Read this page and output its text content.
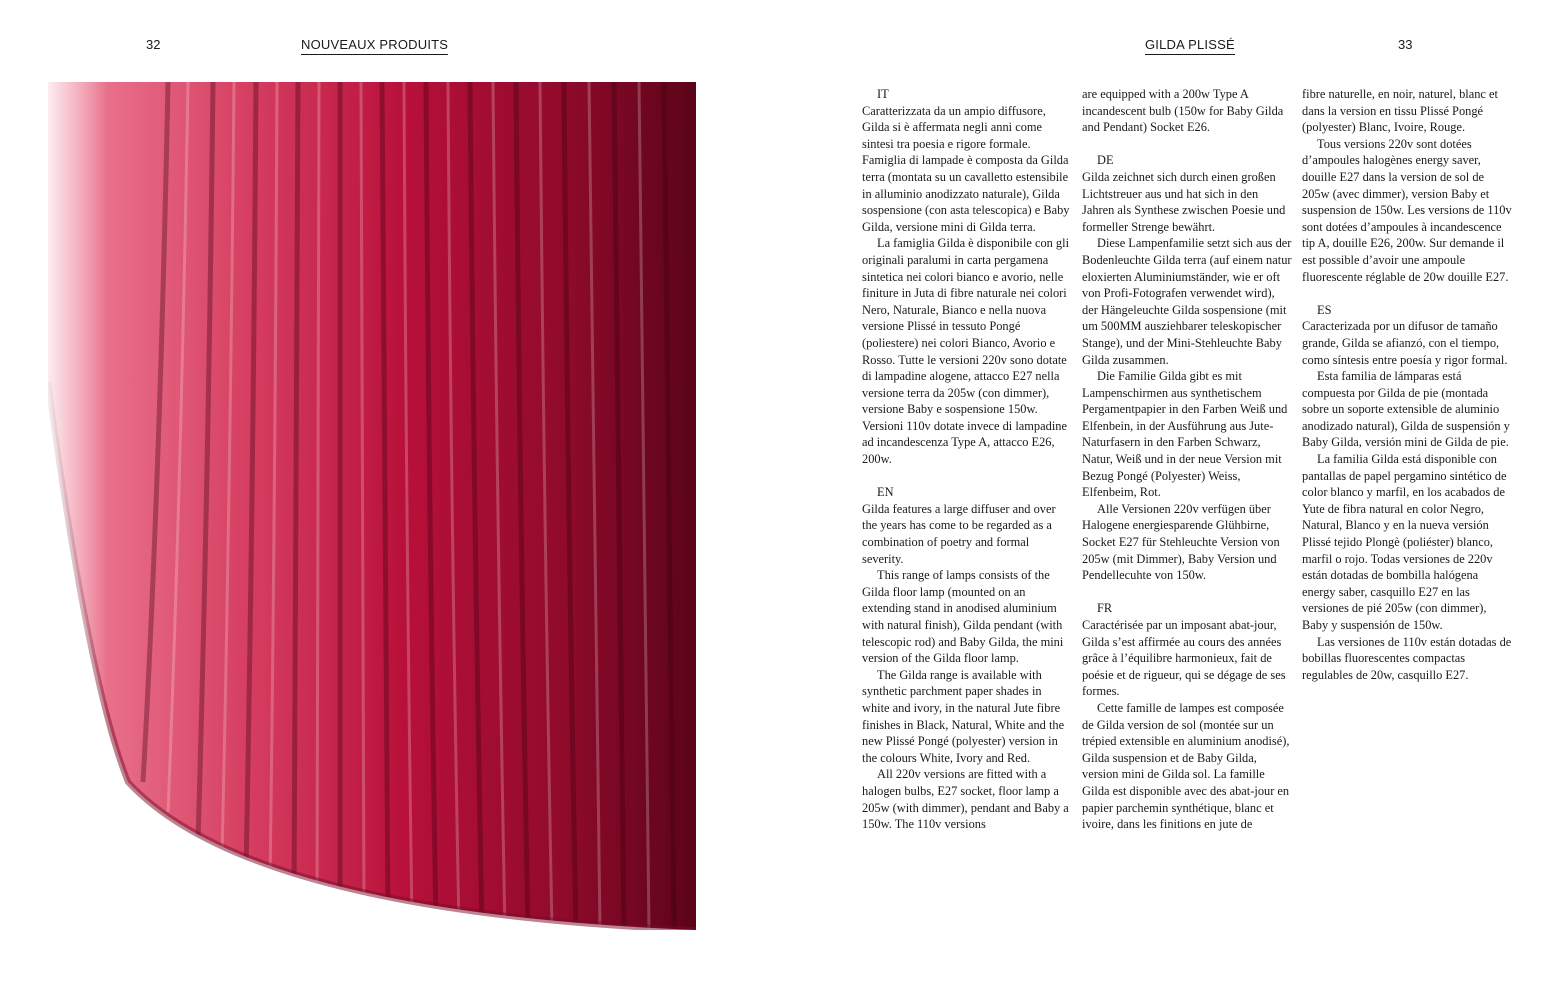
32	NOUVEAUX PRODUITS	GILDA PLISSÉ	33

IT

Caratterizzata da un ampio diffusore, Gilda si è affermata negli anni come sintesi tra poesia e rigore formale. Famiglia di lampade è composta da Gilda terra (montata su un cavalletto estensibile in alluminio anodizzato naturale), Gilda sospensione (con asta telescopica) e Baby Gilda, versione mini di Gilda terra.

La famiglia Gilda è disponibile con gli originali paralumi in carta pergamena sintetica nei colori bianco e avorio, nelle finiture in Juta di fibre naturale nei colori Nero, Naturale, Bianco e nella nuova versione Plissé in tessuto Pongé (poliestere) nei colori Bianco, Avorio e Rosso. Tutte le versioni 220v sono dotate di lampadine alogene, attacco E27 nella versione terra da 205w (con dimmer), versione Baby e sospensione 150w. Versioni 110v dotate invece di lampadine ad incandescenza Type A, attacco E26, 200w.

EN

Gilda features a large diffuser and over the years has come to be regarded as a combination of poetry and formal severity.

This range of lamps consists of the Gilda floor lamp (mounted on an extending stand in anodised aluminium with natural finish), Gilda pendant (with telescopic rod) and Baby Gilda, the mini version of the Gilda floor lamp.

The Gilda range is available with synthetic parchment paper shades in white and ivory, in the natural Jute fibre finishes in Black, Natural, White and the new Plissé Pongé (polyester) version in the colours White, Ivory and Red.

All 220v versions are fitted with a halogen bulbs, E27 socket, floor lamp a 205w (with dimmer), pendant and Baby a 150w. The 110v versions

are equipped with a 200w Type A incandescent bulb (150w for Baby Gilda and Pendant) Socket E26.

DE

Gilda zeichnet sich durch einen großen Lichtstreuer aus und hat sich in den Jahren als Synthese zwischen Poesie und formeller Strenge bewährt.

Diese Lampenfamilie setzt sich aus der Bodenleuchte Gilda terra (auf einem natur eloxierten Aluminiumständer, wie er oft von Profi-Fotografen verwendet wird), der Hängeleuchte Gilda sospensione (mit um 500MM ausziehbarer teleskopischer Stange), und der Mini-Stehleuchte Baby Gilda zusammen.

Die Familie Gilda gibt es mit Lampenschirmen aus synthetischem Pergamentpapier in den Farben Weiß und Elfenbein, in der Ausführung aus Jute-Naturfasern in den Farben Schwarz, Natur, Weiß und in der neue Version mit Bezug Pongé (Polyester) Weiss, Elfenbeim, Rot.

Alle Versionen 220v verfügen über Halogene energiesparende Glühbirne, Socket E27 für Stehleuchte Version von 205w (mit Dimmer), Baby Version und Pendellecuhte von 150w.

FR

Caractérisée par un imposant abat-jour, Gilda s’est affirmée au cours des années grâce à l’équilibre harmonieux, fait de poésie et de rigueur, qui se dégage de ses formes.

Cette famille de lampes est composée de Gilda version de sol (montée sur un trépied extensible en aluminium anodisé), Gilda suspension et de Baby Gilda, version mini de Gilda sol. La famille Gilda est disponible avec des abat-jour en papier parchemin synthétique, blanc et ivoire, dans les finitions en jute de

fibre naturelle, en noir, naturel, blanc et dans la version en tissu Plissé Pongé (polyester) Blanc, Ivoire, Rouge.

Tous versions 220v sont dotées d’ampoules halogènes energy saver, douille E27 dans la version de sol de 205w (avec dimmer), version Baby et suspension de 150w. Les versions de 110v sont dotées d’ampoules à incandescence tip A, douille E26, 200w. Sur demande il est possible d’avoir une ampoule fluorescente réglable de 20w douille E27.

ES

Caracterizada por un difusor de tamaño grande, Gilda se afianzó, con el tiempo, como síntesis entre poesía y rigor formal.

Esta familia de lámparas está compuesta por Gilda de pie (montada sobre un soporte extensible de aluminio anodizado natural), Gilda de suspensión y Baby Gilda, versión mini de Gilda de pie.

La familia Gilda está disponible con pantallas de papel pergamino sintético de color blanco y marfil, en los acabados de Yute de fibra natural en color Negro, Natural, Blanco y en la nueva versión Plissé tejido Plongè (poliéster) blanco, marfil o rojo. Todas versiones de 220v están dotadas de bombilla halógena energy saber, casquillo E27 en las versiones de pié 205w (con dimmer), Baby y suspensión de 150w.

Las versiones de 110v están dotadas de bobillas fluorescentes compactas regulables de 20w, casquillo E27.
